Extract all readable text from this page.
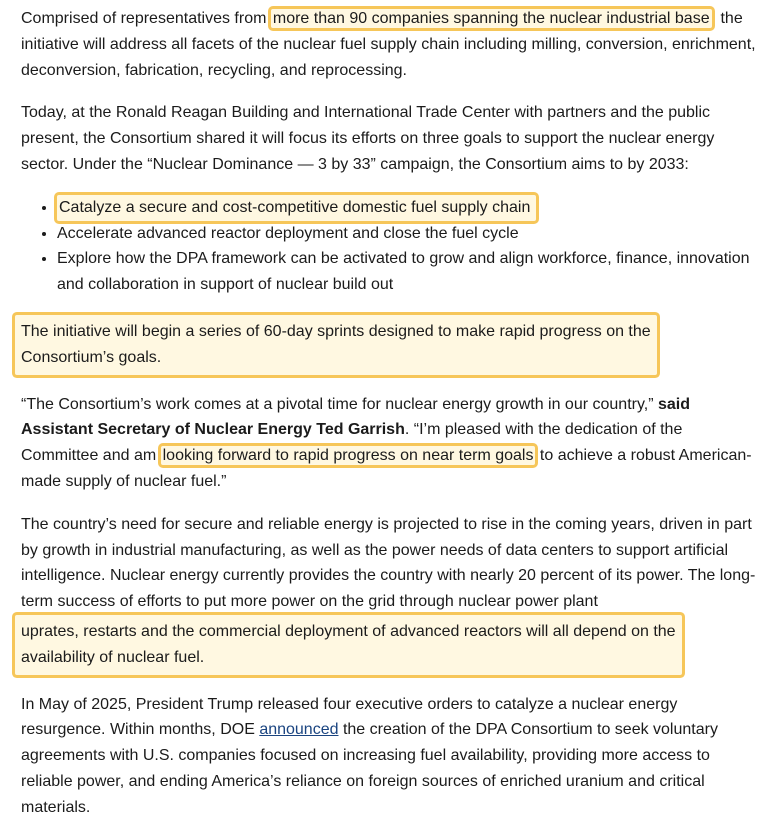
Comprised of representatives from more than 90 companies spanning the nuclear industrial base , the initiative will address all facets of the nuclear fuel supply chain including milling, conversion, enrichment, deconversion, fabrication, recycling, and reprocessing.

Today, at the Ronald Reagan Building and International Trade Center with partners and the public present, the Consortium shared it will focus its efforts on three goals to support the nuclear energy sector. Under the “Nuclear Dominance — 3 by 33” campaign, the Consortium aims to by 2033:

• Catalyze a secure and cost-competitive domestic fuel supply chain
• Accelerate advanced reactor deployment and close the fuel cycle
• Explore how the DPA framework can be activated to grow and align workforce, finance, innovation and collaboration in support of nuclear build out

The initiative will begin a series of 60-day sprints designed to make rapid progress on the
Consortium’s goals.

“The Consortium’s work comes at a pivotal time for nuclear energy growth in our country,” said Assistant Secretary of Nuclear Energy Ted Garrish. “I’m pleased with the dedication of the Committee and am looking forward to rapid progress on near term goals to achieve a robust American-made supply of nuclear fuel.”

The country’s need for secure and reliable energy is projected to rise in the coming years, driven in part by growth in industrial manufacturing, as well as the power needs of data centers to support artificial intelligence. Nuclear energy currently provides the country with nearly 20 percent of its power. The long-term success of efforts to put more power on the grid through nuclear power plant
uprates, restarts and the commercial deployment of advanced reactors will all depend on the
availability of nuclear fuel.

In May of 2025, President Trump released four executive orders to catalyze a nuclear energy resurgence. Within months, DOE announced the creation of the DPA Consortium to seek voluntary agreements with U.S. companies focused on increasing fuel availability, providing more access to reliable power, and ending America’s reliance on foreign sources of enriched uranium and critical materials.
